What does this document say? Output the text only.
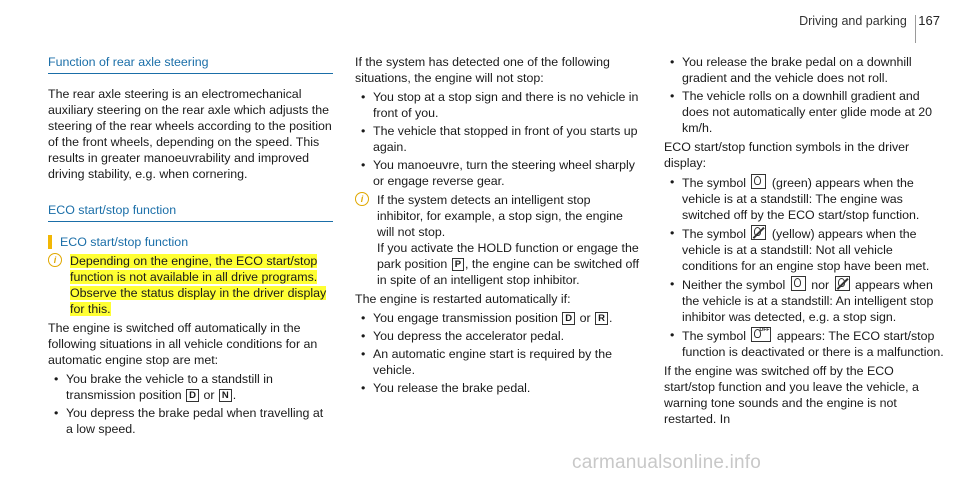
Driving and parking 167
Function of rear axle steering

The rear axle steering is an electromechanical auxiliary steering on the rear axle which adjusts the steering of the rear wheels according to the position of the front wheels, depending on the speed. This results in greater manoeuvrability and improved driving stability, e.g. when cornering.

ECO start/stop function
ECO start/stop function
i	Depending on the engine, the ECO start/stop function is not available in all drive programs. Observe the status display in the driver display for this.

The engine is switched off automatically in the following situations in all vehicle conditions for an automatic engine stop are met:

• You brake the vehicle to a standstill in transmission position D or N .
• You depress the brake pedal when travelling at a low speed.

If the system has detected one of the following situations, the engine will not stop:

• You stop at a stop sign and there is no vehicle in front of you.
• The vehicle that stopped in front of you starts up again.
• You manoeuvre, turn the steering wheel sharply or engage reverse gear.
i	If the system detects an intelligent stop inhibitor, for example, a stop sign, the engine will not stop.
If you activate the HOLD function or engage the park position P , the engine can be switched off in spite of an intelligent stop inhibitor.

The engine is restarted automatically if:

• You engage transmission position D or R .
• You depress the accelerator pedal.
• An automatic engine start is required by the vehicle.
• You release the brake pedal.
• You release the brake pedal on a downhill gradient and the vehicle does not roll.
• The vehicle rolls on a downhill gradient and does not automatically enter glide mode at 20 km/h.

ECO start/stop function symbols in the driver display:

• The symbol
(green) appears when the vehicle is at a standstill: The engine was switched off by the ECO start/stop function.
• The symbol
(yellow) appears when the vehicle is at a standstill: Not all vehicle conditions for an engine stop have been met.
• Neither the symbol
nor
appears when the vehicle is at a standstill: An intelligent stop inhibitor was detected, e.g. a stop sign.
• The symbol OFF appears: The ECO start/stop function is deactivated or there is a malfunction.

If the engine was switched off by the ECO start/stop function and you leave the vehicle, a warning tone sounds and the engine is not restarted. In

carmanualsonline.info
